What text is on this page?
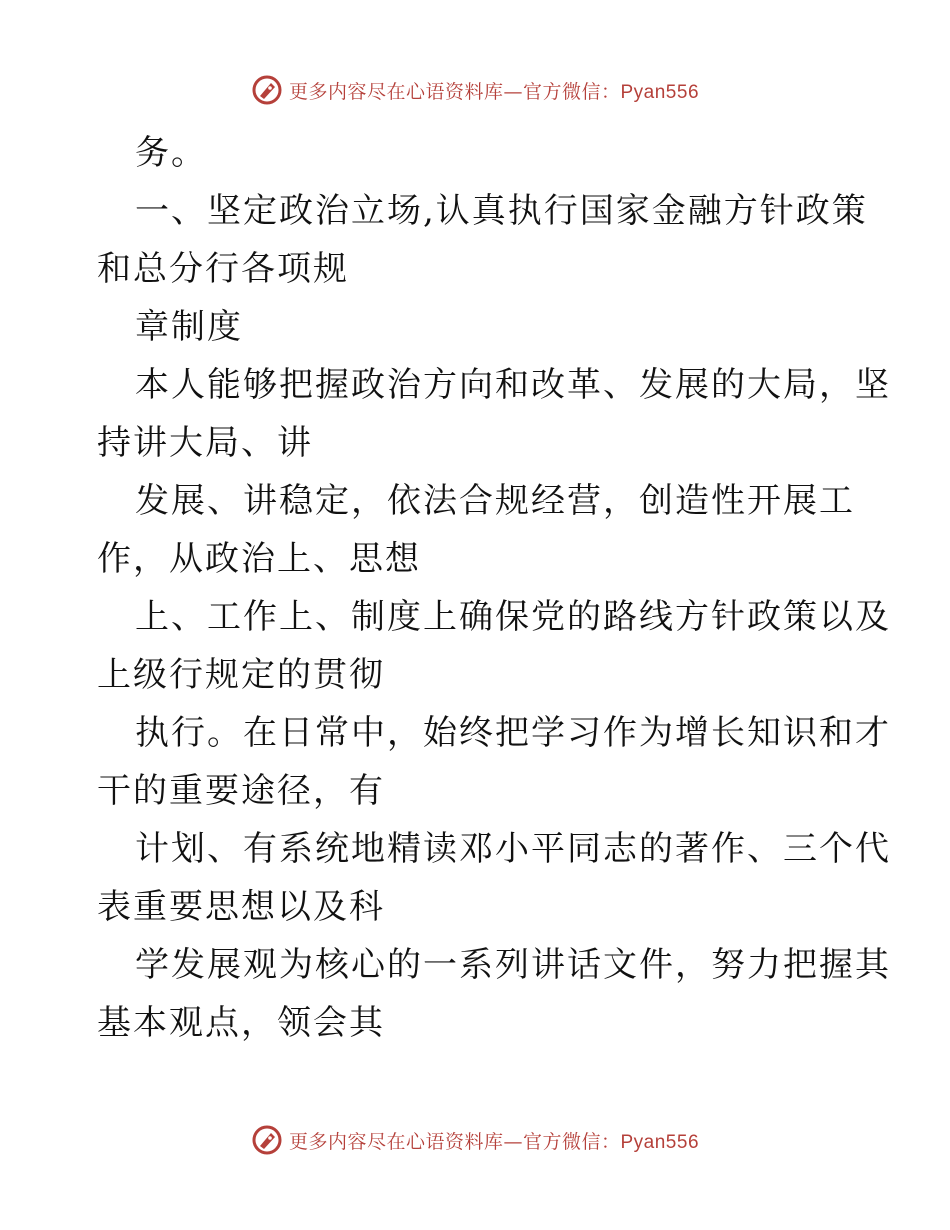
更多内容尽在心语资料库—官方微信：Pyan556
务。
一、坚定政治立场,认真执行国家金融方针政策
和总分行各项规
章制度
本人能够把握政治方向和改革、发展的大局，坚
持讲大局、讲
发展、讲稳定，依法合规经营，创造性开展工
作，从政治上、思想
上、工作上、制度上确保党的路线方针政策以及
上级行规定的贯彻
执行。在日常中，始终把学习作为增长知识和才
干的重要途径，有
计划、有系统地精读邓小平同志的著作、三个代
表重要思想以及科
学发展观为核心的一系列讲话文件，努力把握其
基本观点，领会其
更多内容尽在心语资料库—官方微信：Pyan556
